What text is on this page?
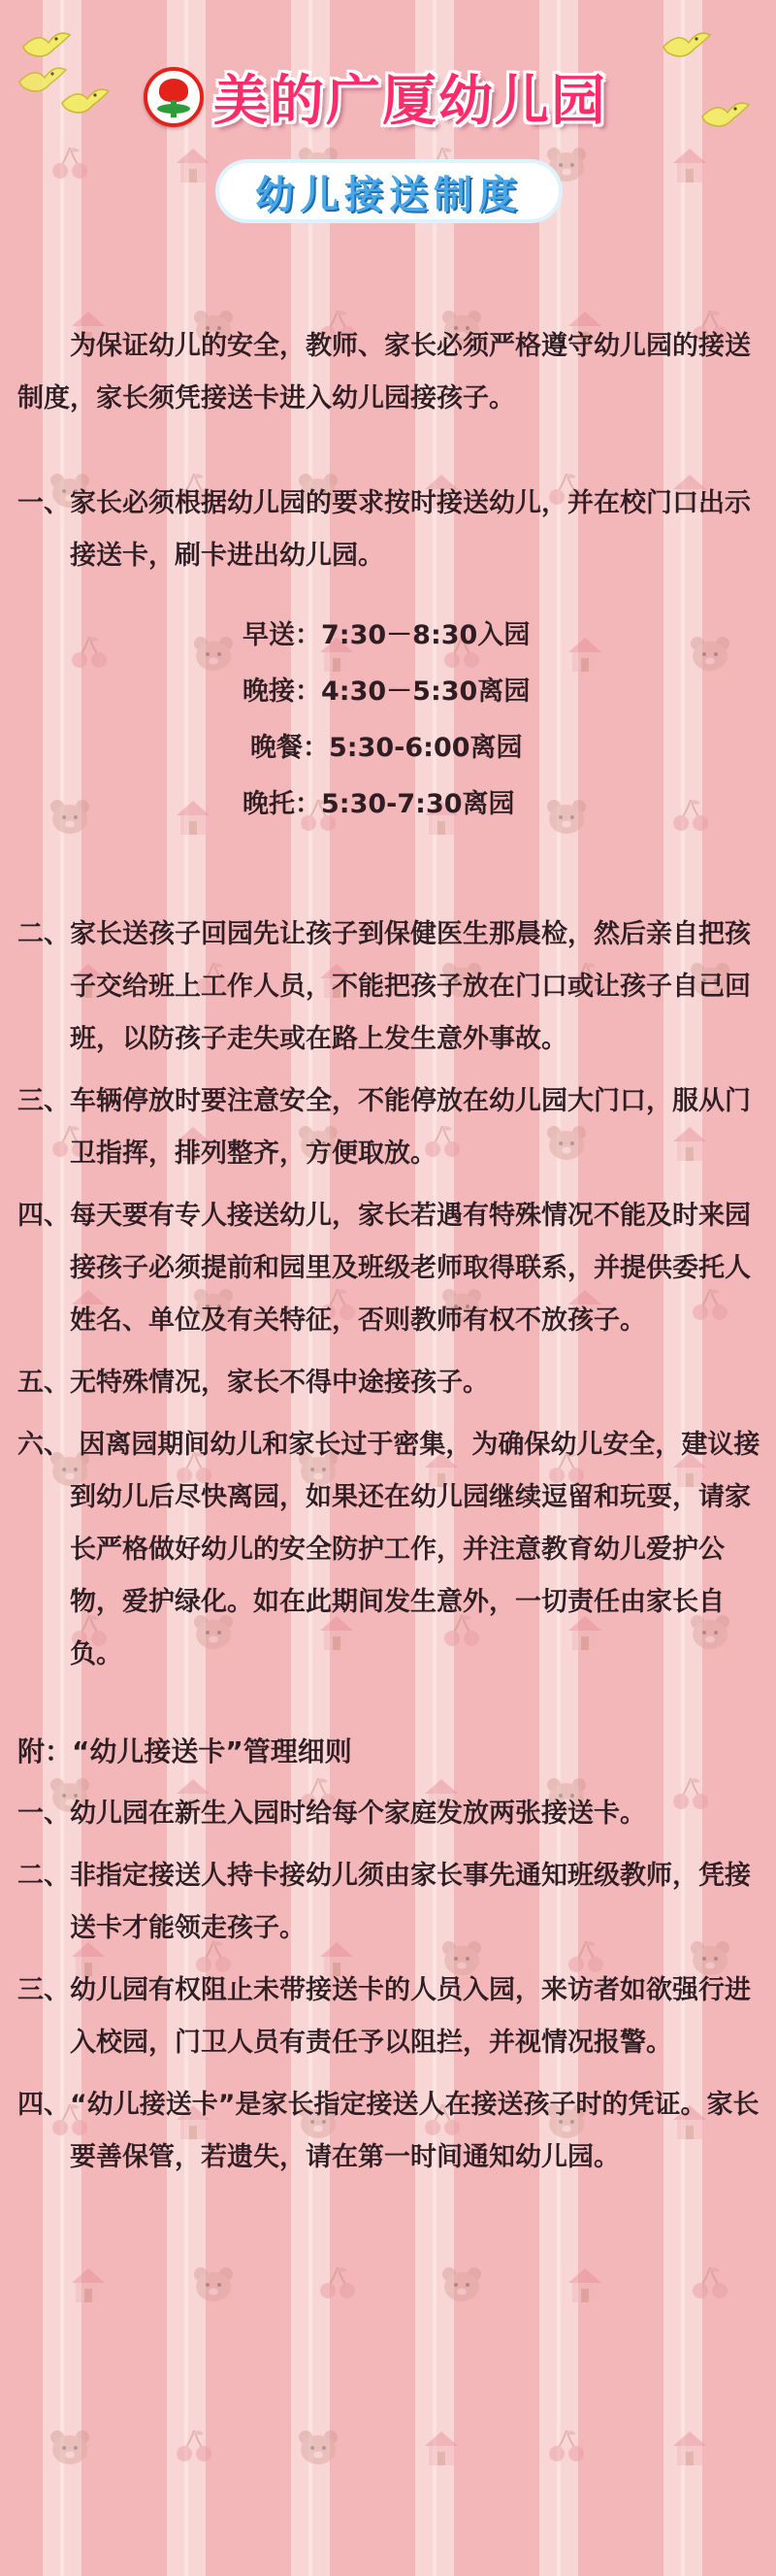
美的广厦幼儿园
幼儿接送制度

为保证幼儿的安全，教师、家长必须严格遵守幼儿园的接送制度，家长须凭接送卡进入幼儿园接孩子。

一、家长必须根据幼儿园的要求按时接送幼儿，并在校门口出示接送卡，刷卡进出幼儿园。

早送：7:30－8:30入园
晚接：4:30－5:30离园
晚餐：5:30-6:00离园
晚托：5:30-7:30离园

二、家长送孩子回园先让孩子到保健医生那晨检，然后亲自把孩子交给班上工作人员，不能把孩子放在门口或让孩子自己回班，以防孩子走失或在路上发生意外事故。

三、车辆停放时要注意安全，不能停放在幼儿园大门口，服从门卫指挥，排列整齐，方便取放。

四、每天要有专人接送幼儿，家长若遇有特殊情况不能及时来园接孩子必须提前和园里及班级老师取得联系，并提供委托人姓名、单位及有关特征，否则教师有权不放孩子。

五、无特殊情况，家长不得中途接孩子。

六、 因离园期间幼儿和家长过于密集，为确保幼儿安全，建议接到幼儿后尽快离园，如果还在幼儿园继续逗留和玩耍，请家长严格做好幼儿的安全防护工作，并注意教育幼儿爱护公物，爱护绿化。如在此期间发生意外，一切责任由家长自负。

附：“幼儿接送卡”管理细则

一、幼儿园在新生入园时给每个家庭发放两张接送卡。

二、非指定接送人持卡接幼儿须由家长事先通知班级教师，凭接送卡才能领走孩子。

三、幼儿园有权阻止未带接送卡的人员入园，来访者如欲强行进入校园，门卫人员有责任予以阻拦，并视情况报警。

四、“幼儿接送卡”是家长指定接送人在接送孩子时的凭证。家长要善保管，若遗失，请在第一时间通知幼儿园。
